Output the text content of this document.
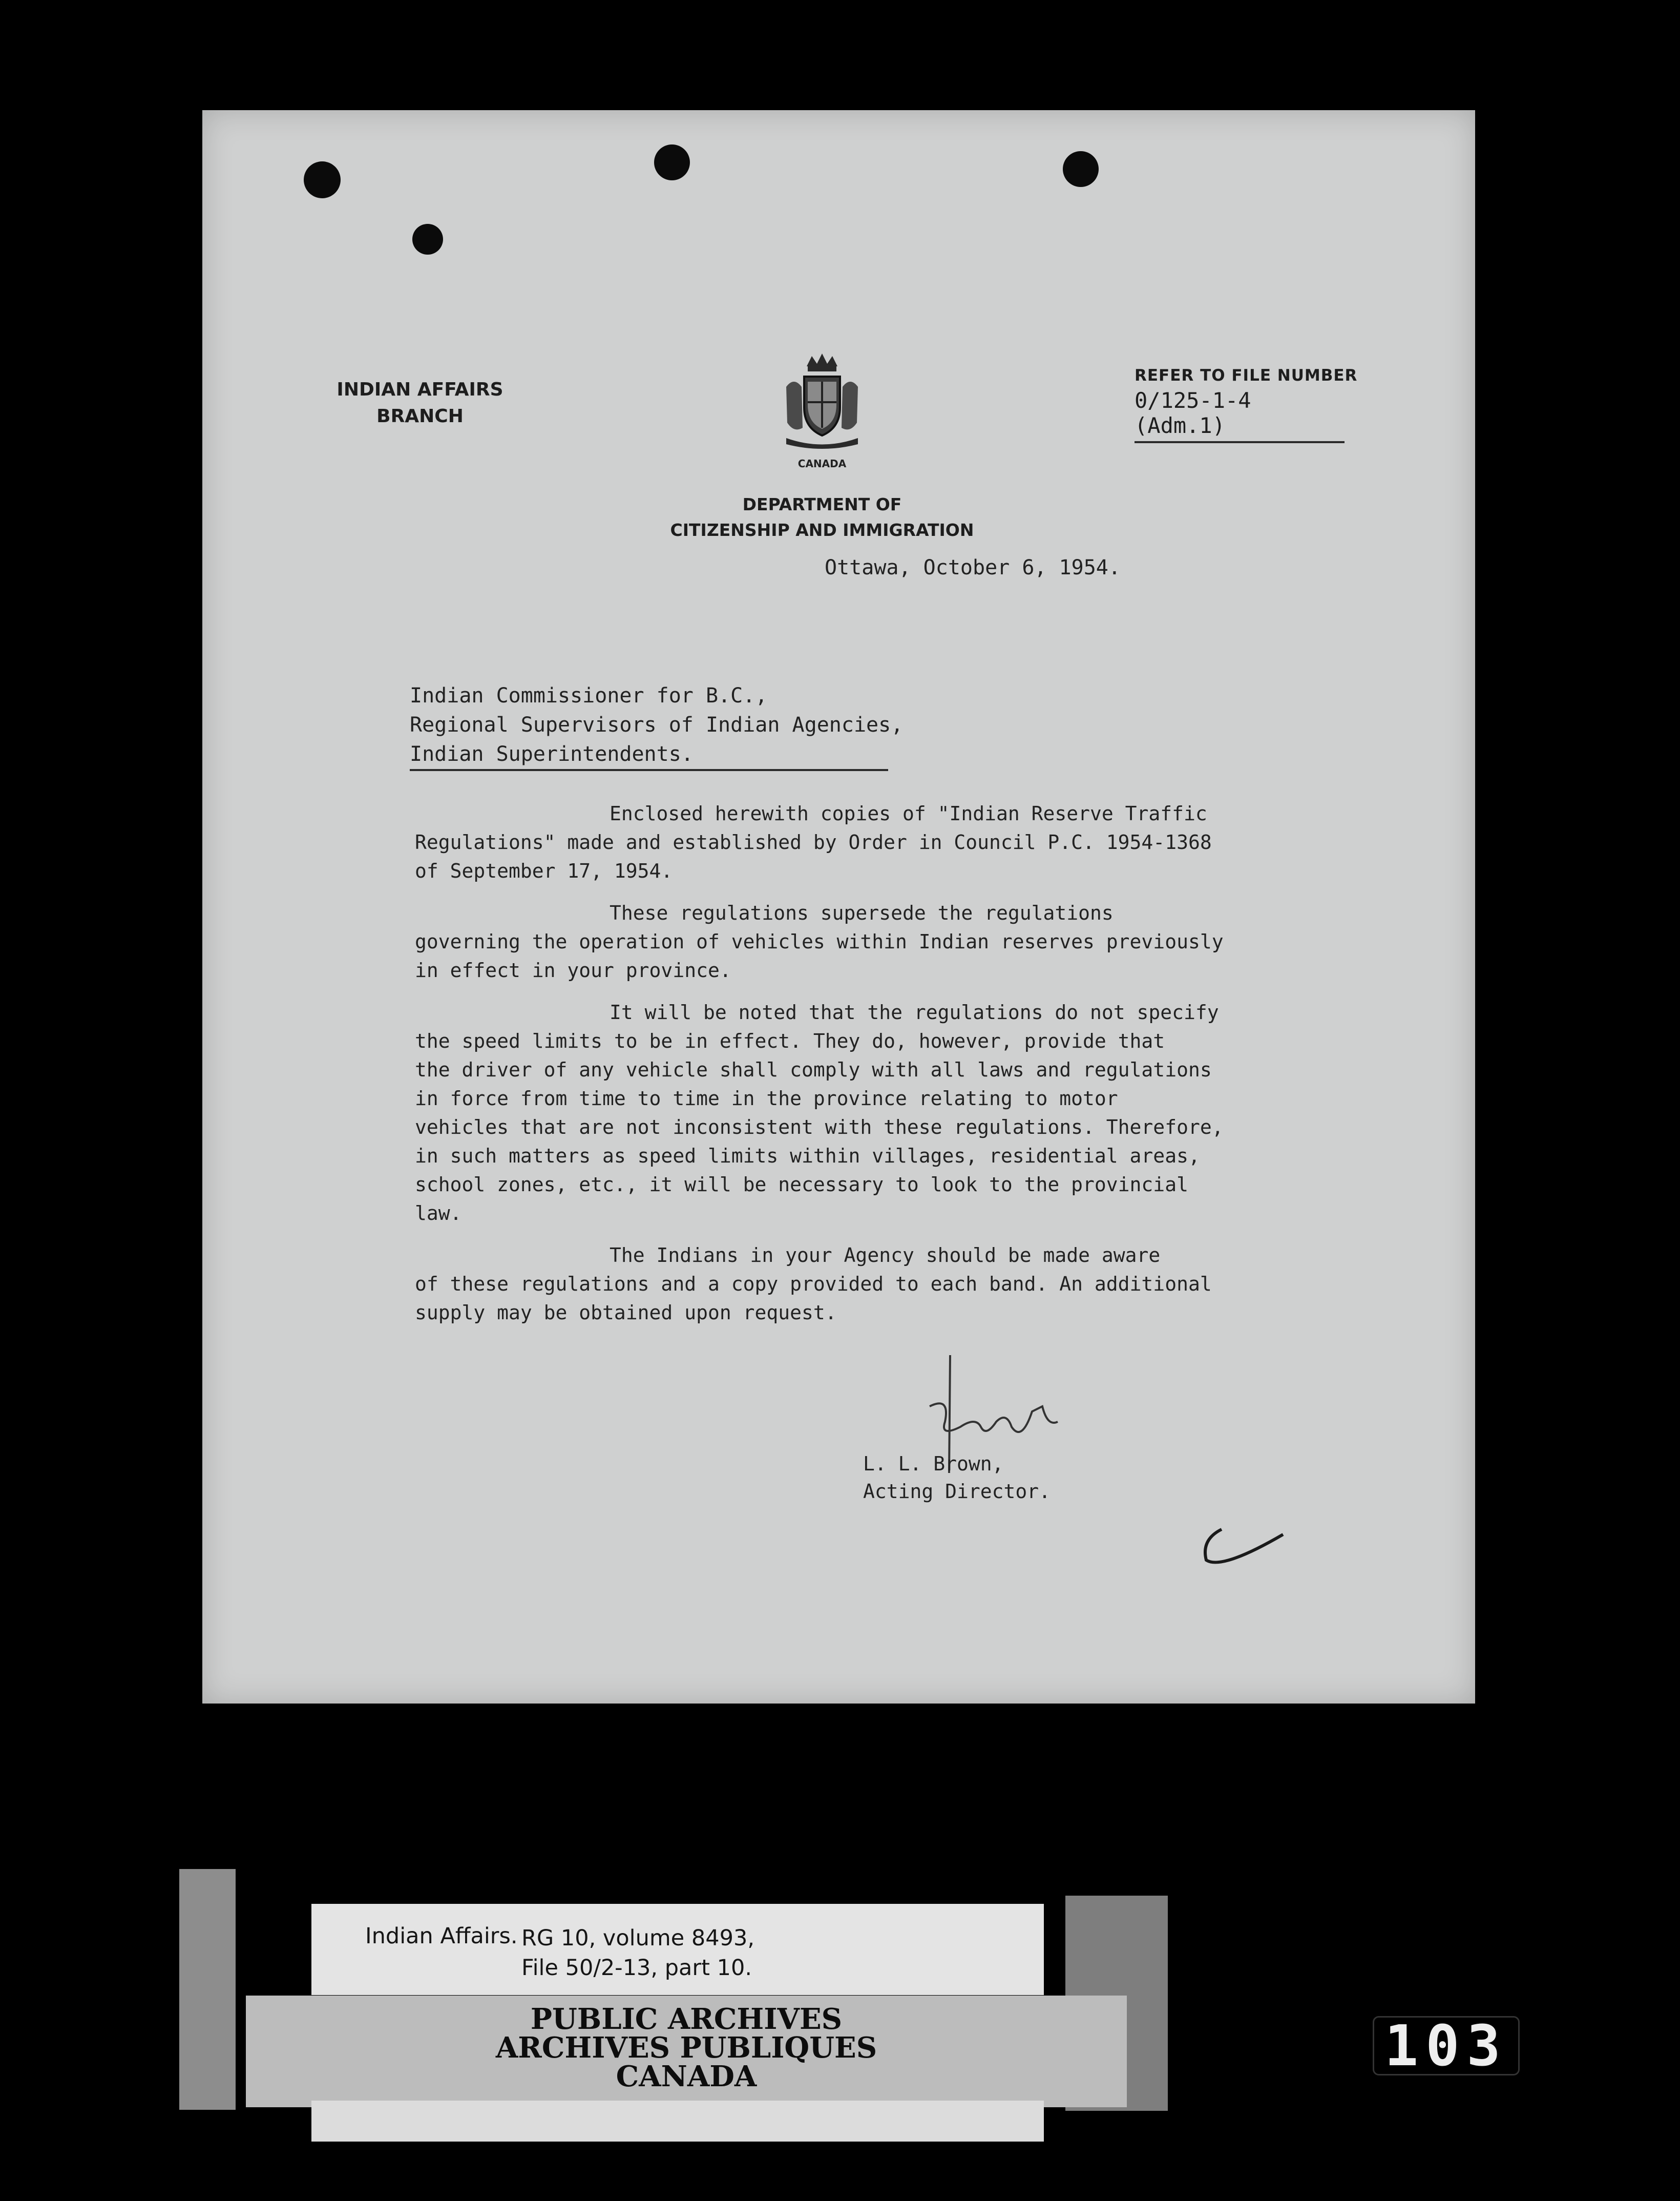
INDIAN AFFAIRS
BRANCH
CANADA
REFER TO FILE NUMBER
0/125-1-4 (Adm.1)
DEPARTMENT OF
CITIZENSHIP AND IMMIGRATION
Ottawa, October 6, 1954.
Indian Commissioner for B.C.,
Regional Supervisors of Indian Agencies,
Indian Superintendents.

Enclosed herewith copies of "Indian Reserve Traffic
Regulations" made and established by Order in Council P.C. 1954-1368
of September 17, 1954.

These regulations supersede the regulations
governing the operation of vehicles within Indian reserves previously
in effect in your province.

It will be noted that the regulations do not specify
the speed limits to be in effect. They do, however, provide that
the driver of any vehicle shall comply with all laws and regulations
in force from time to time in the province relating to motor
vehicles that are not inconsistent with these regulations. Therefore,
in such matters as speed limits within villages, residential areas,
school zones, etc., it will be necessary to look to the provincial
law.

The Indians in your Agency should be made aware
of these regulations and a copy provided to each band. An additional
supply may be obtained upon request.

L. L. Brown,
Acting Director.
Indian Affairs. RG 10, volume 8493,
File 50/2-13, part 10.
PUBLIC ARCHIVES
ARCHIVES PUBLIQUES
CANADA	103
